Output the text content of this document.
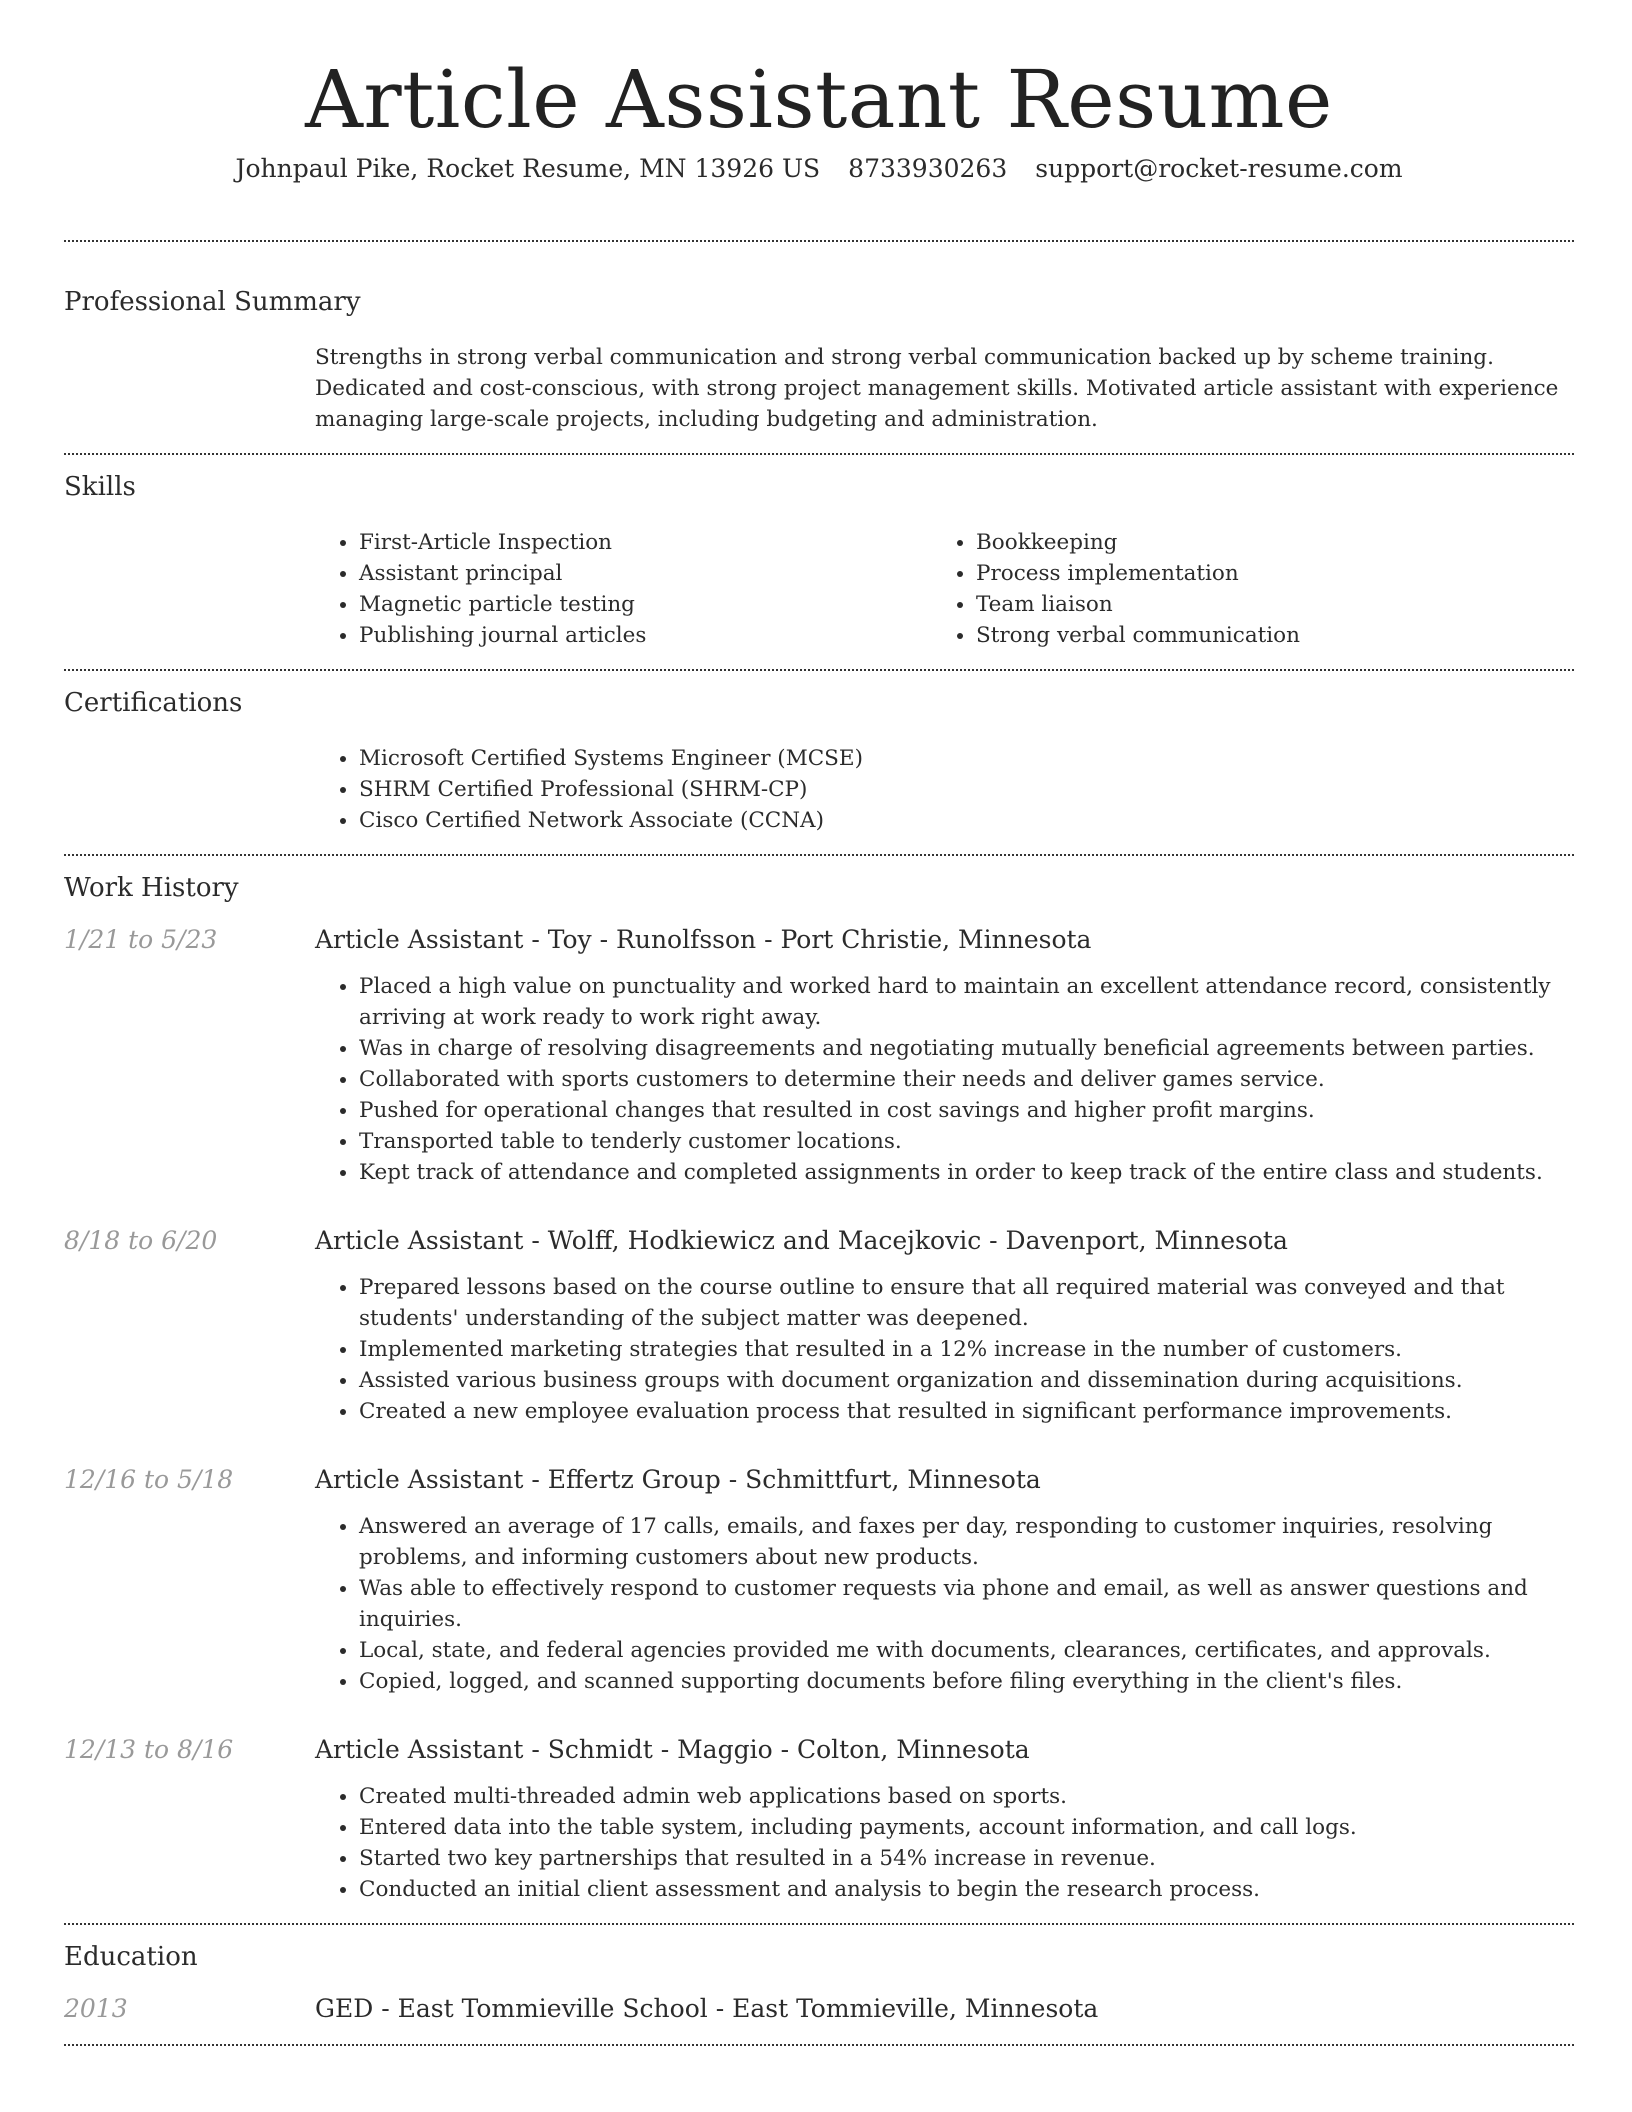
Article Assistant Resume
Johnpaul Pike, Rocket Resume, MN 13926 US 8733930263 support@rocket-resume.com
Professional Summary

Strengths in strong verbal communication and strong verbal communication backed up by scheme training. Dedicated and cost-conscious, with strong project management skills. Motivated article assistant with experience managing large-scale projects, including budgeting and administration.

Skills
• First-Article Inspection
• Assistant principal
• Magnetic particle testing
• Publishing journal articles
• Bookkeeping
• Process implementation
• Team liaison
• Strong verbal communication
Certifications
• Microsoft Certified Systems Engineer (MCSE)
• SHRM Certified Professional (SHRM-CP)
• Cisco Certified Network Associate (CCNA)
Work History
1/21 to 5/23	Article Assistant - Toy - Runolfsson - Port Christie, Minnesota
• Placed a high value on punctuality and worked hard to maintain an excellent attendance record, consistently arriving at work ready to work right away.
• Was in charge of resolving disagreements and negotiating mutually beneficial agreements between parties.
• Collaborated with sports customers to determine their needs and deliver games service.
• Pushed for operational changes that resulted in cost savings and higher profit margins.
• Transported table to tenderly customer locations.
• Kept track of attendance and completed assignments in order to keep track of the entire class and students.
8/18 to 6/20	Article Assistant - Wolff, Hodkiewicz and Macejkovic - Davenport, Minnesota
• Prepared lessons based on the course outline to ensure that all required material was conveyed and that students' understanding of the subject matter was deepened.
• Implemented marketing strategies that resulted in a 12% increase in the number of customers.
• Assisted various business groups with document organization and dissemination during acquisitions.
• Created a new employee evaluation process that resulted in significant performance improvements.
12/16 to 5/18	Article Assistant - Effertz Group - Schmittfurt, Minnesota
• Answered an average of 17 calls, emails, and faxes per day, responding to customer inquiries, resolving problems, and informing customers about new products.
• Was able to effectively respond to customer requests via phone and email, as well as answer questions and inquiries.
• Local, state, and federal agencies provided me with documents, clearances, certificates, and approvals.
• Copied, logged, and scanned supporting documents before filing everything in the client's files.
12/13 to 8/16	Article Assistant - Schmidt - Maggio - Colton, Minnesota
• Created multi-threaded admin web applications based on sports.
• Entered data into the table system, including payments, account information, and call logs.
• Started two key partnerships that resulted in a 54% increase in revenue.
• Conducted an initial client assessment and analysis to begin the research process.
Education
2013	GED - East Tommieville School - East Tommieville, Minnesota
